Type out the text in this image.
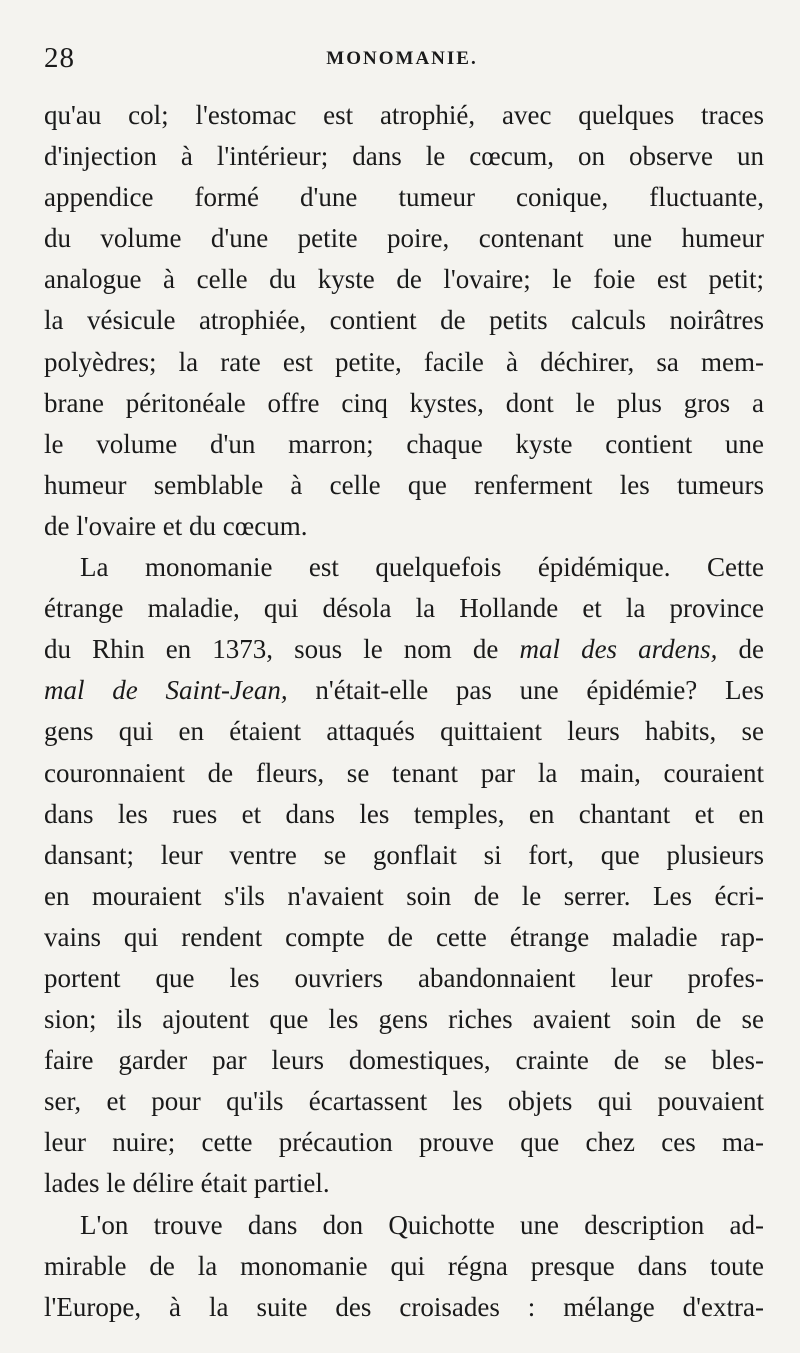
28	MONOMANIE.
qu'au col; l'estomac est atrophié, avec quelques traces
d'injection à l'intérieur; dans le cœcum, on observe un
appendice formé d'une tumeur conique, fluctuante,
du volume d'une petite poire, contenant une humeur
analogue à celle du kyste de l'ovaire; le foie est petit;
la vésicule atrophiée, contient de petits calculs noirâtres
polyèdres; la rate est petite, facile à déchirer, sa mem-
brane péritonéale offre cinq kystes, dont le plus gros a
le volume d'un marron; chaque kyste contient une
humeur semblable à celle que renferment les tumeurs
de l'ovaire et du cœcum.
La monomanie est quelquefois épidémique. Cette
étrange maladie, qui désola la Hollande et la province
du Rhin en 1373, sous le nom de mal des ardens, de
mal de Saint-Jean, n'était-elle pas une épidémie? Les
gens qui en étaient attaqués quittaient leurs habits, se
couronnaient de fleurs, se tenant par la main, couraient
dans les rues et dans les temples, en chantant et en
dansant; leur ventre se gonflait si fort, que plusieurs
en mouraient s'ils n'avaient soin de le serrer. Les écri-
vains qui rendent compte de cette étrange maladie rap-
portent que les ouvriers abandonnaient leur profes-
sion; ils ajoutent que les gens riches avaient soin de se
faire garder par leurs domestiques, crainte de se bles-
ser, et pour qu'ils écartassent les objets qui pouvaient
leur nuire; cette précaution prouve que chez ces ma-
lades le délire était partiel.
L'on trouve dans don Quichotte une description ad-
mirable de la monomanie qui régna presque dans toute
l'Europe, à la suite des croisades : mélange d'extra-
